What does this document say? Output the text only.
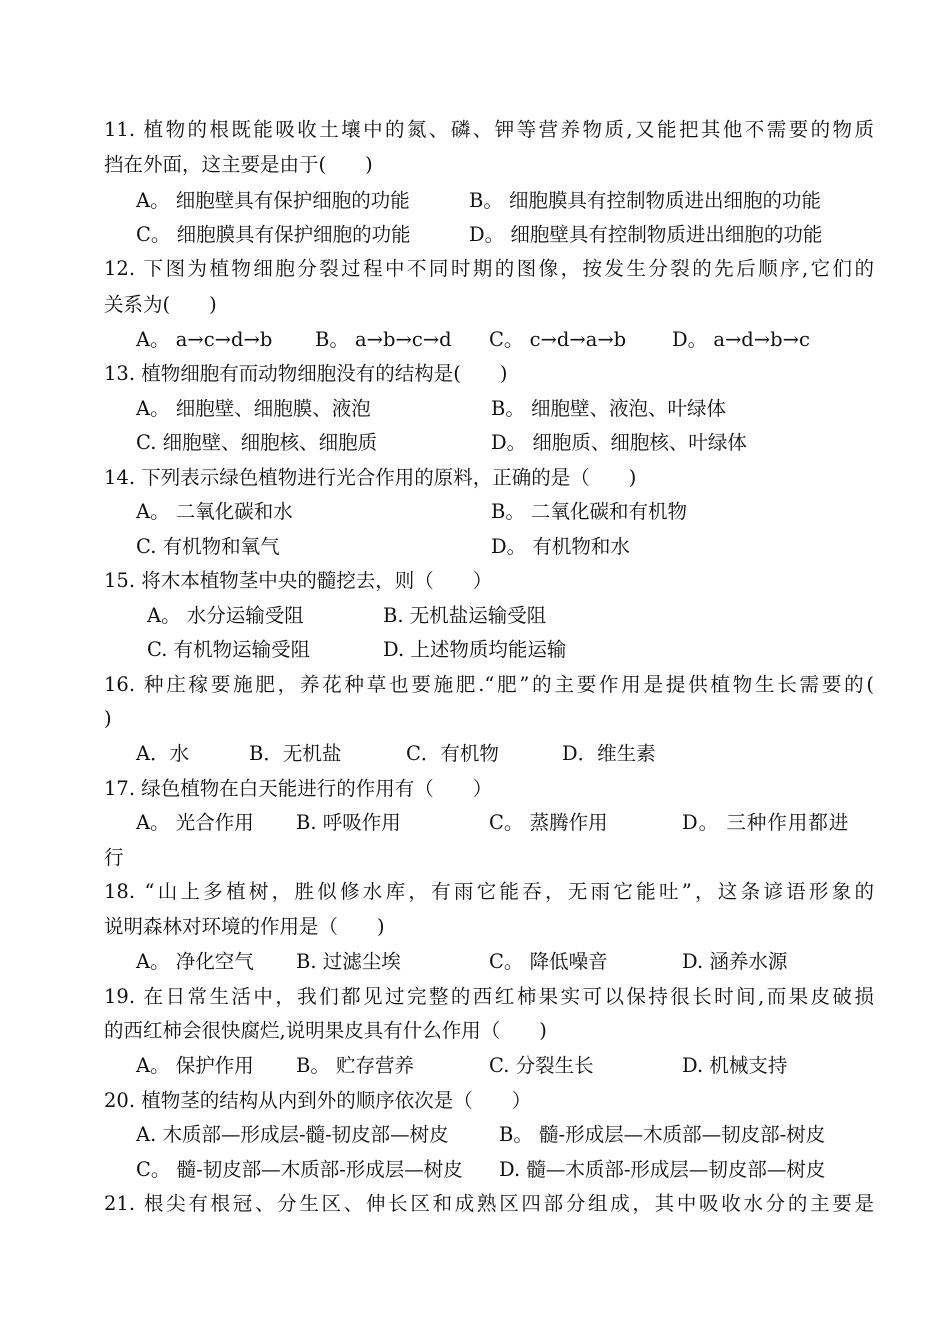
11. 植物的根既能吸收土壤中的氮、磷、钾等营养物质,又能把其他不需要的物质
挡在外面，这主要是由于(　　)
A。 细胞壁具有保护细胞的功能	B。 细胞膜具有控制物质进出细胞的功能
C。 细胞膜具有保护细胞的功能	D。 细胞壁具有控制物质进出细胞的功能
12. 下图为植物细胞分裂过程中不同时期的图像，按发生分裂的先后顺序,它们的
关系为(　　)
A。 a→c→d→b B。 a→b→c→d C。 c→d→a→b D。 a→d→b→c
13. 植物细胞有而动物细胞没有的结构是(　　)
A。 细胞壁、细胞膜、液泡	B。 细胞壁、液泡、叶绿体
C. 细胞壁、细胞核、细胞质	D。 细胞质、细胞核、叶绿体
14. 下列表示绿色植物进行光合作用的原料，正确的是（　　)
A。 二氧化碳和水	B。 二氧化碳和有机物
C. 有机物和氧气	D。 有机物和水
15. 将木本植物茎中央的髓挖去，则（　　）
A。 水分运输受阻	B. 无机盐运输受阻
C. 有机物运输受阻	D. 上述物质均能运输
16. 种庄稼要施肥，养花种草也要施肥.“肥”的主要作用是提供植物生长需要的(
)
A．水	B．无机盐	C．有机物	D．维生素
17. 绿色植物在白天能进行的作用有（　　）
A。 光合作用 B. 呼吸作用	C。 蒸腾作用	D。 三种作用都进
行
18. “山上多植树，胜似修水库，有雨它能吞，无雨它能吐”，这条谚语形象的
说明森林对环境的作用是（　　)
A。 净化空气 B. 过滤尘埃	C。 降低噪音	D. 涵养水源
19. 在日常生活中，我们都见过完整的西红柿果实可以保持很长时间,而果皮破损
的西红柿会很快腐烂,说明果皮具有什么作用（　　)
A。 保护作用 B。 贮存营养	C. 分裂生长	D. 机械支持
20. 植物茎的结构从内到外的顺序依次是（　　）
A. 木质部—形成层-髓-韧皮部—树皮	B。 髓-形成层—木质部—韧皮部-树皮
C。 髓-韧皮部—木质部-形成层—树皮 D. 髓—木质部-形成层—韧皮部—树皮
21. 根尖有根冠、分生区、伸长区和成熟区四部分组成，其中吸收水分的主要是
